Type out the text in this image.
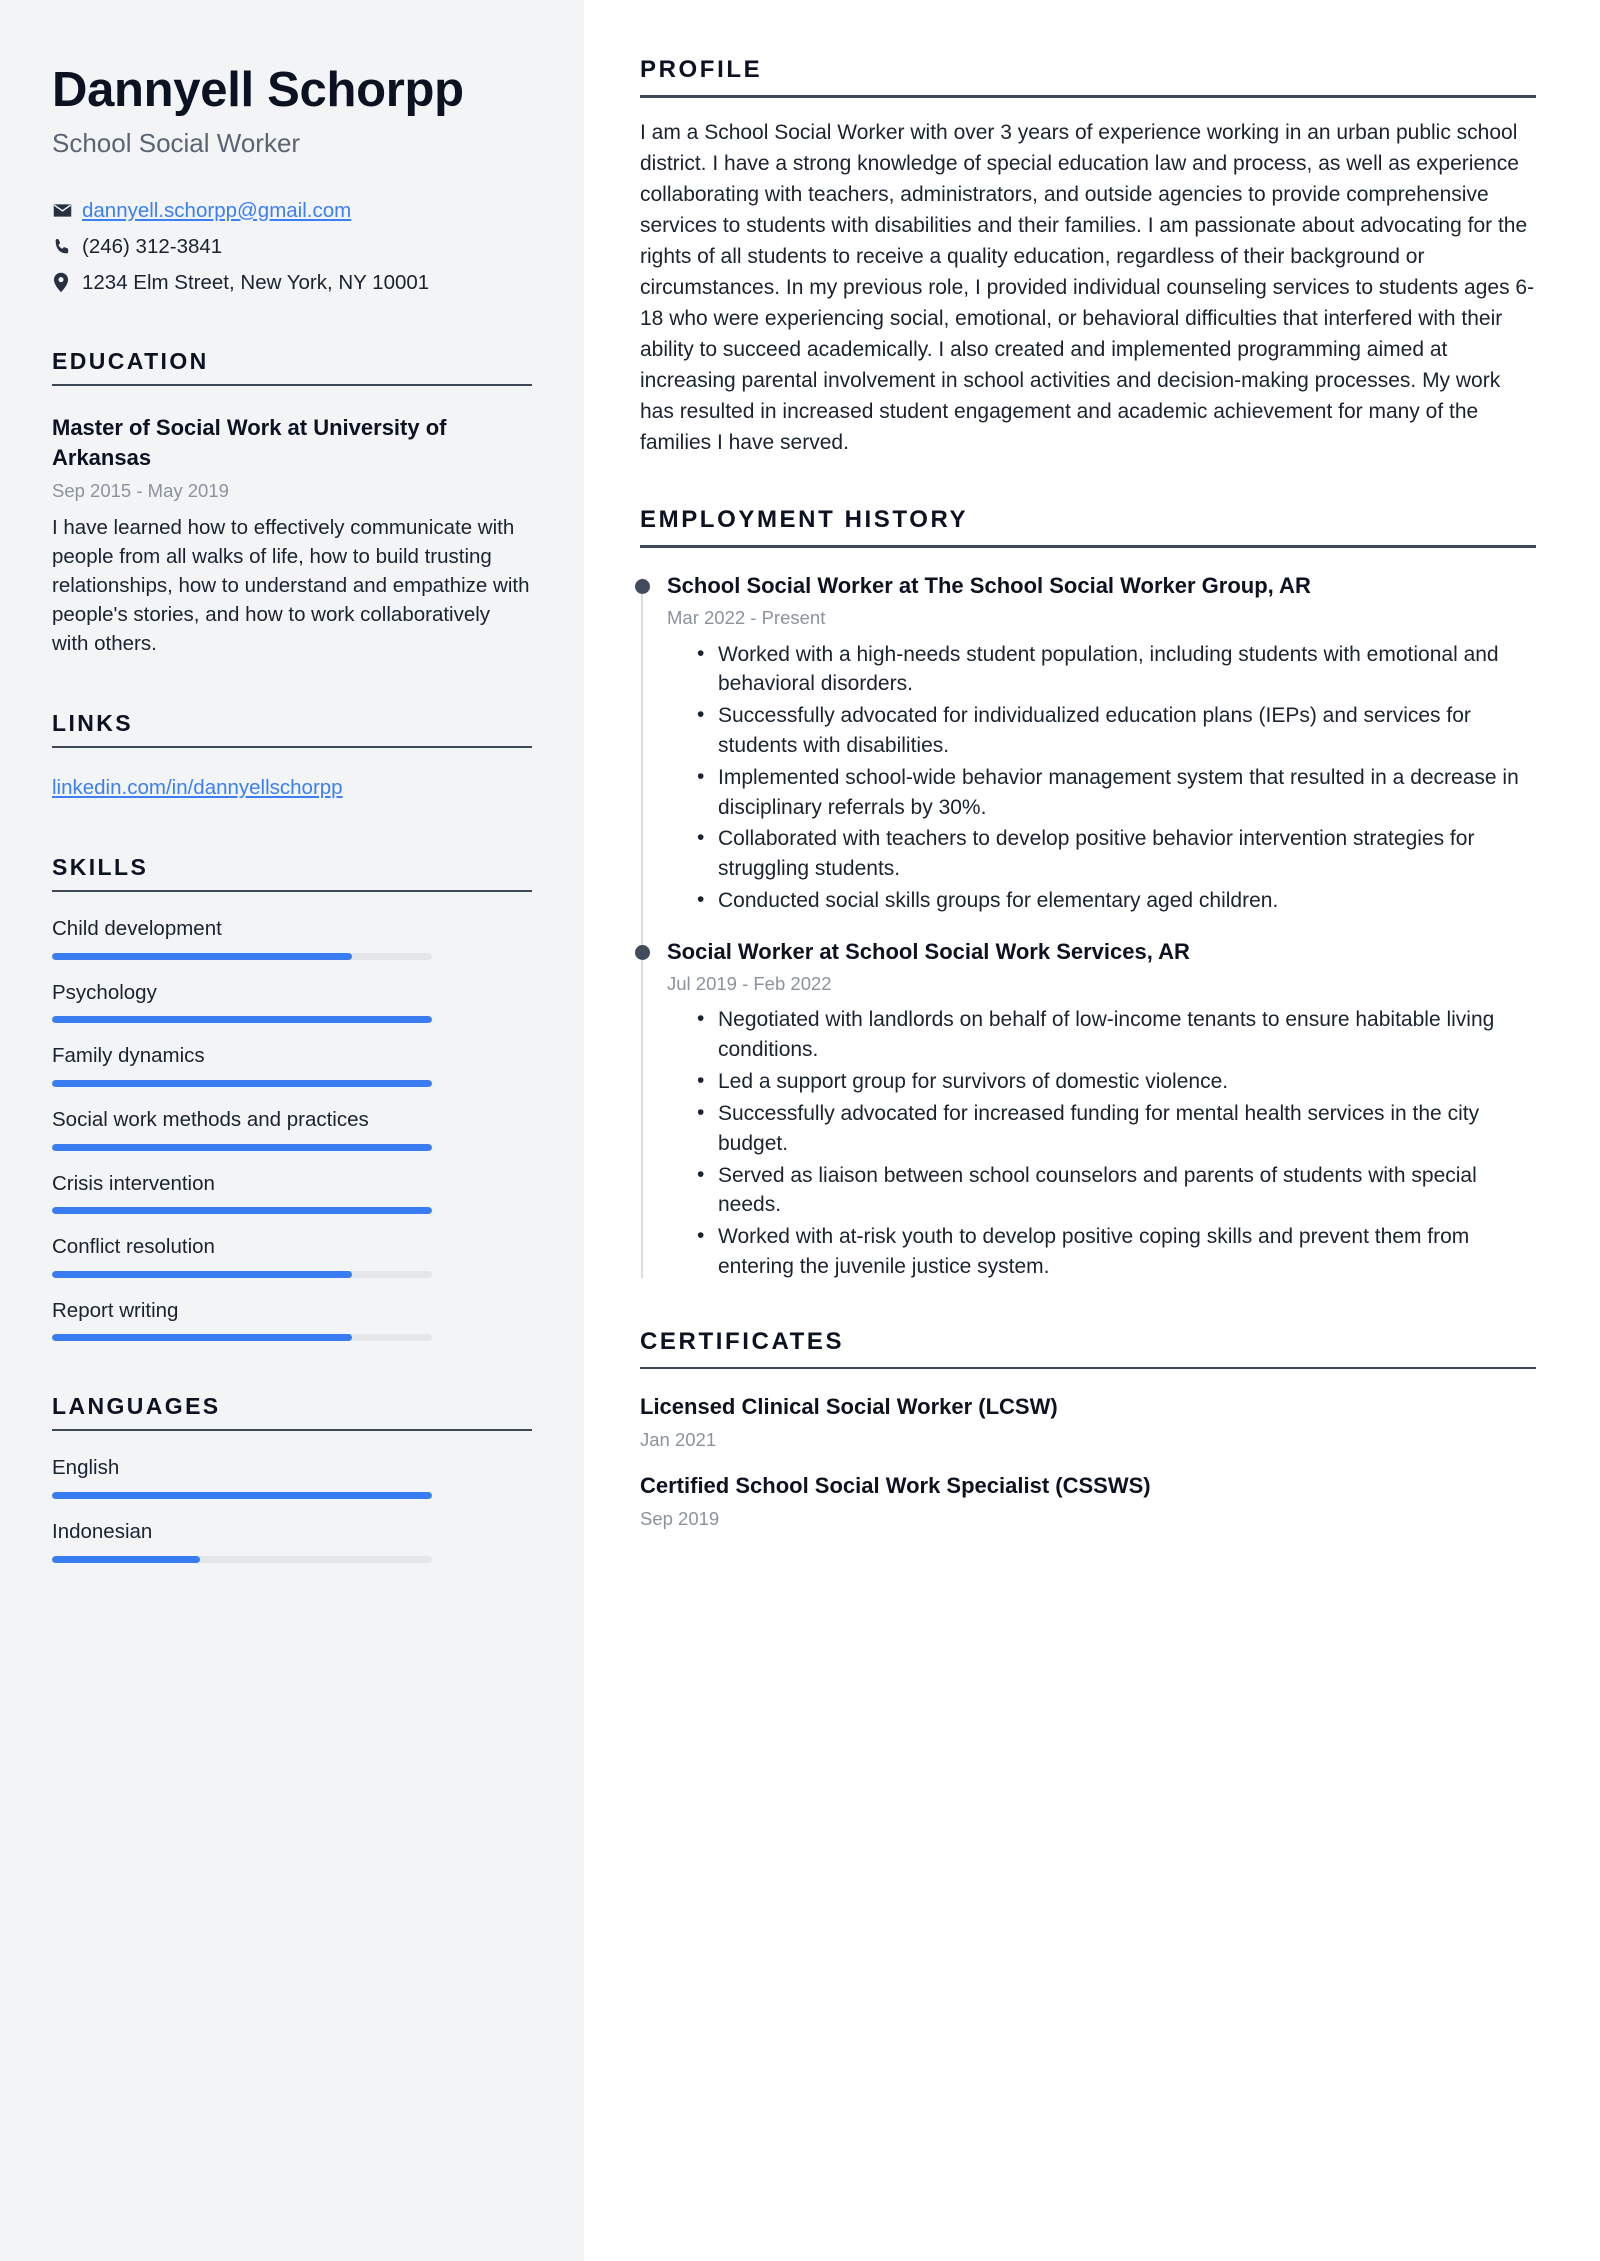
Dannyell Schorpp
School Social Worker
dannyell.schorpp@gmail.com
(246) 312-3841
1234 Elm Street, New York, NY 10001
EDUCATION
Master of Social Work at University of Arkansas
Sep 2015 - May 2019
I have learned how to effectively communicate with people from all walks of life, how to build trusting relationships, how to understand and empathize with people's stories, and how to work collaboratively with others.
LINKS
linkedin.com/in/dannyellschorpp
SKILLS
Child development
Psychology
Family dynamics
Social work methods and practices
Crisis intervention
Conflict resolution
Report writing
LANGUAGES
English
Indonesian
PROFILE

I am a School Social Worker with over 3 years of experience working in an urban public school district. I have a strong knowledge of special education law and process, as well as experience collaborating with teachers, administrators, and outside agencies to provide comprehensive services to students with disabilities and their families. I am passionate about advocating for the rights of all students to receive a quality education, regardless of their background or circumstances. In my previous role, I provided individual counseling services to students ages 6-18 who were experiencing social, emotional, or behavioral difficulties that interfered with their ability to succeed academically. I also created and implemented programming aimed at increasing parental involvement in school activities and decision-making processes. My work has resulted in increased student engagement and academic achievement for many of the families I have served.

EMPLOYMENT HISTORY
School Social Worker at The School Social Worker Group, AR
Mar 2022 - Present
• Worked with a high-needs student population, including students with emotional and behavioral disorders.
• Successfully advocated for individualized education plans (IEPs) and services for students with disabilities.
• Implemented school-wide behavior management system that resulted in a decrease in disciplinary referrals by 30%.
• Collaborated with teachers to develop positive behavior intervention strategies for struggling students.
• Conducted social skills groups for elementary aged children.
Social Worker at School Social Work Services, AR
Jul 2019 - Feb 2022
• Negotiated with landlords on behalf of low-income tenants to ensure habitable living conditions.
• Led a support group for survivors of domestic violence.
• Successfully advocated for increased funding for mental health services in the city budget.
• Served as liaison between school counselors and parents of students with special needs.
• Worked with at-risk youth to develop positive coping skills and prevent them from entering the juvenile justice system.
CERTIFICATES
Licensed Clinical Social Worker (LCSW)
Jan 2021
Certified School Social Work Specialist (CSSWS)
Sep 2019
